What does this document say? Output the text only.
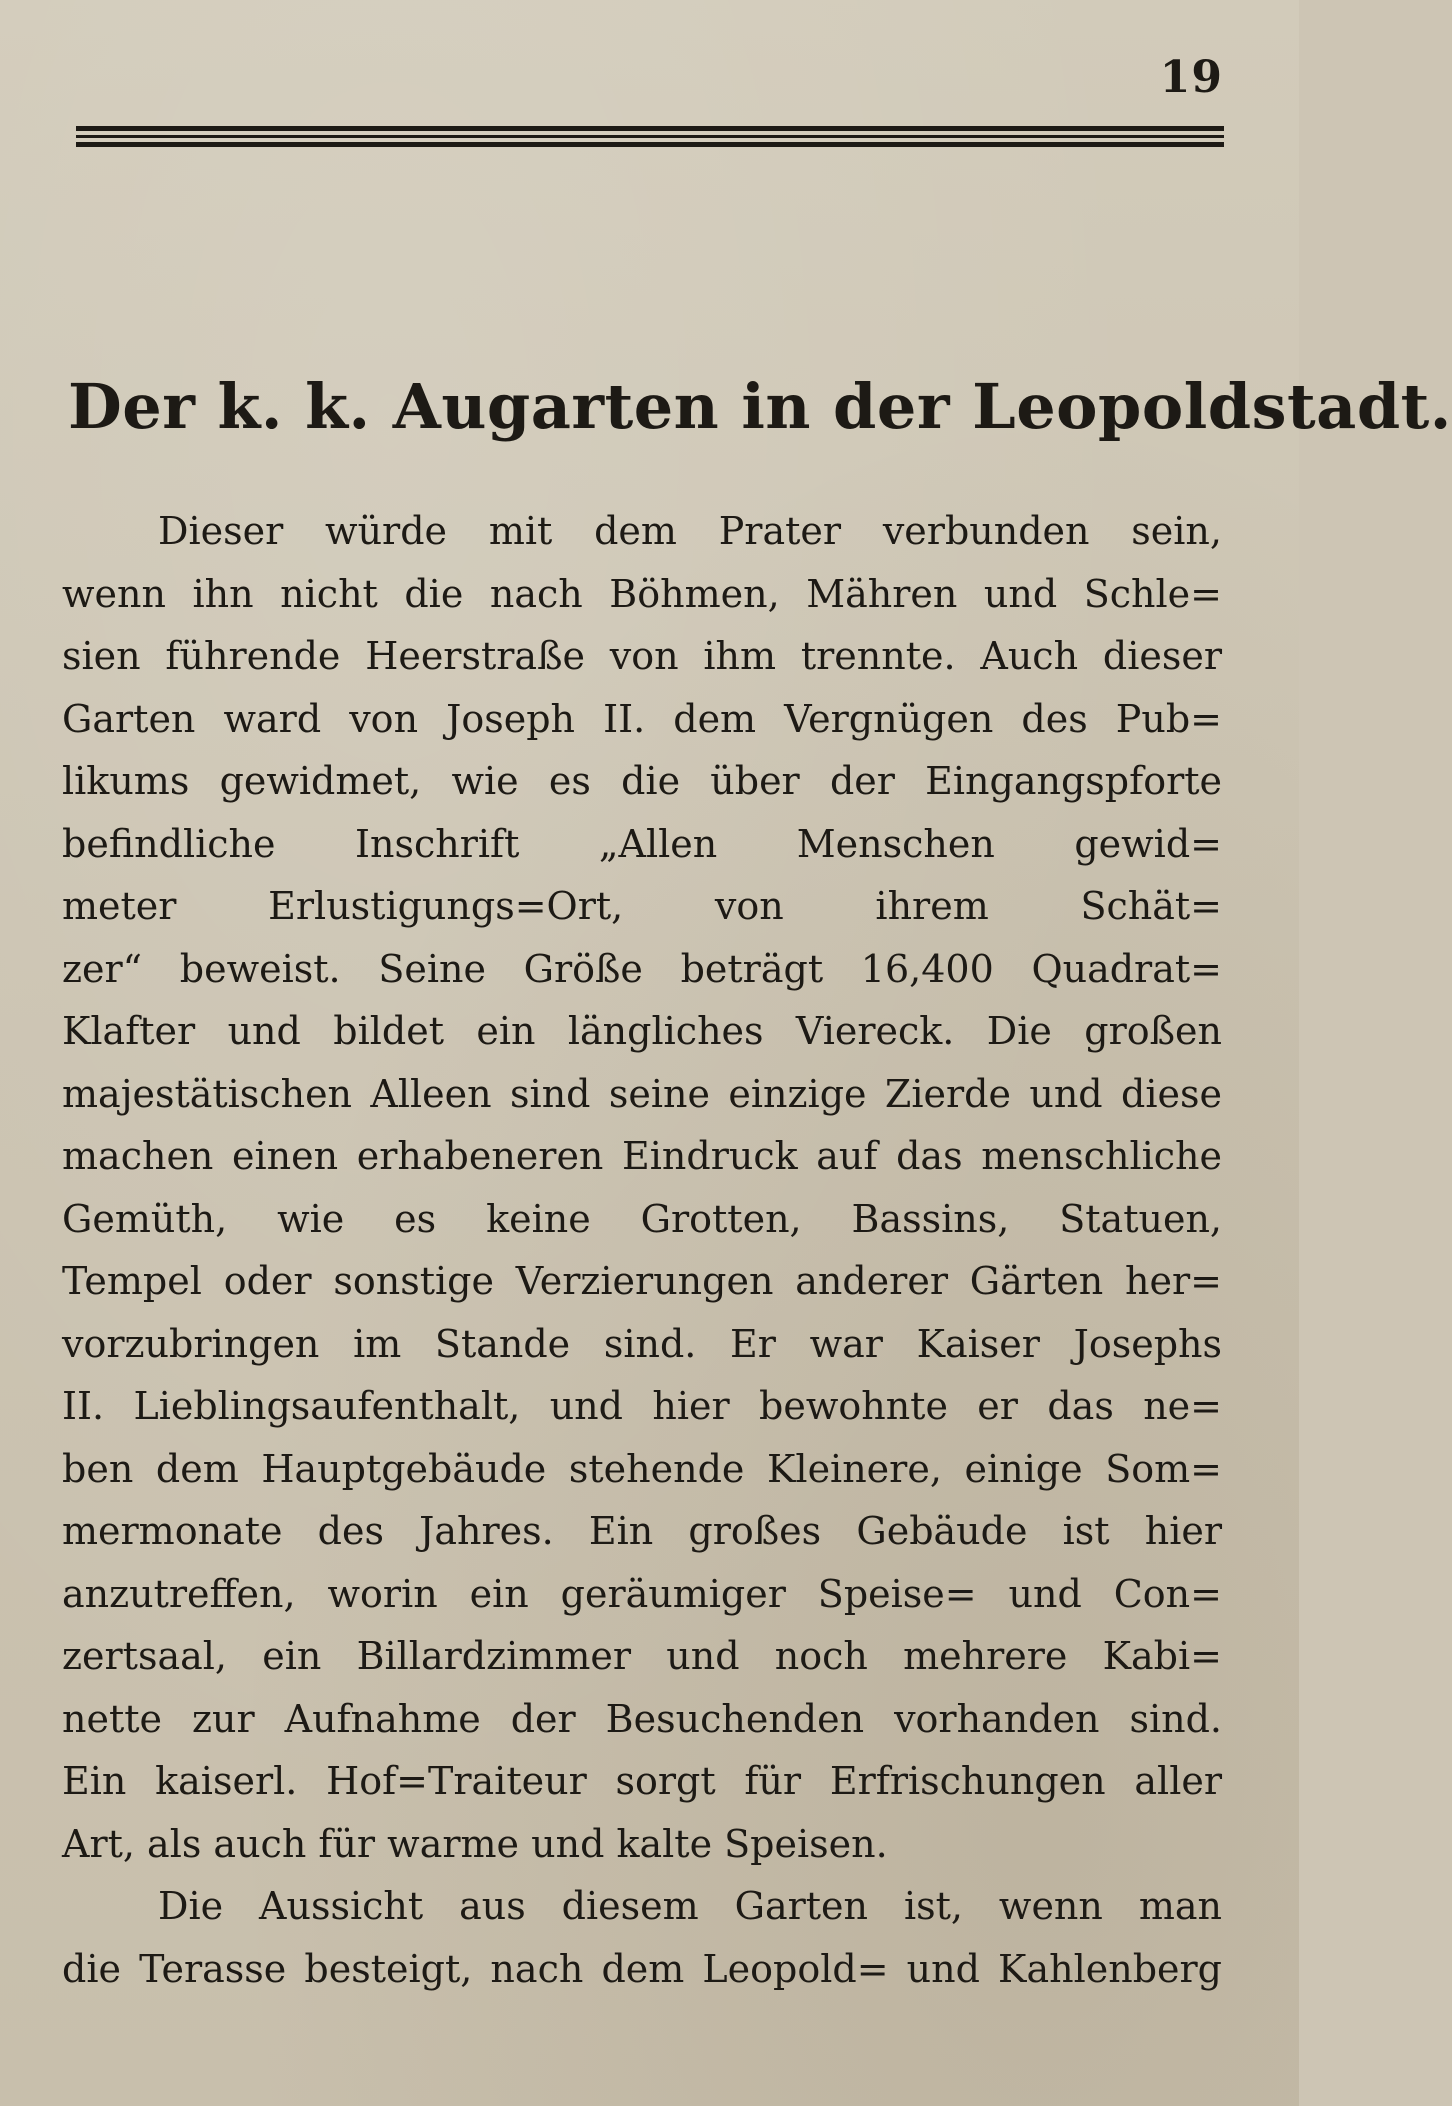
19
Der k. k. Augarten in der Leopoldstadt.
Dieser würde mit dem Prater verbunden sein,
wenn ihn nicht die nach Böhmen, Mähren und Schle=
sien führende Heerstraße von ihm trennte. Auch dieser
Garten ward von Joseph II. dem Vergnügen des Pub=
likums gewidmet, wie es die über der Eingangspforte
befindliche Inschrift „Allen Menschen gewid=
meter Erlustigungs=Ort, von ihrem Schät=
zer“ beweist. Seine Größe beträgt 16,400 Quadrat=
Klafter und bildet ein längliches Viereck. Die großen
majestätischen Alleen sind seine einzige Zierde und diese
machen einen erhabeneren Eindruck auf das menschliche
Gemüth, wie es keine Grotten, Bassins, Statuen,
Tempel oder sonstige Verzierungen anderer Gärten her=
vorzubringen im Stande sind. Er war Kaiser Josephs
II. Lieblingsaufenthalt, und hier bewohnte er das ne=
ben dem Hauptgebäude stehende Kleinere, einige Som=
mermonate des Jahres. Ein großes Gebäude ist hier
anzutreffen, worin ein geräumiger Speise= und Con=
zertsaal, ein Billardzimmer und noch mehrere Kabi=
nette zur Aufnahme der Besuchenden vorhanden sind.
Ein kaiserl. Hof=Traiteur sorgt für Erfrischungen aller
Art, als auch für warme und kalte Speisen.
Die Aussicht aus diesem Garten ist, wenn man
die Terasse besteigt, nach dem Leopold= und Kahlenberg
